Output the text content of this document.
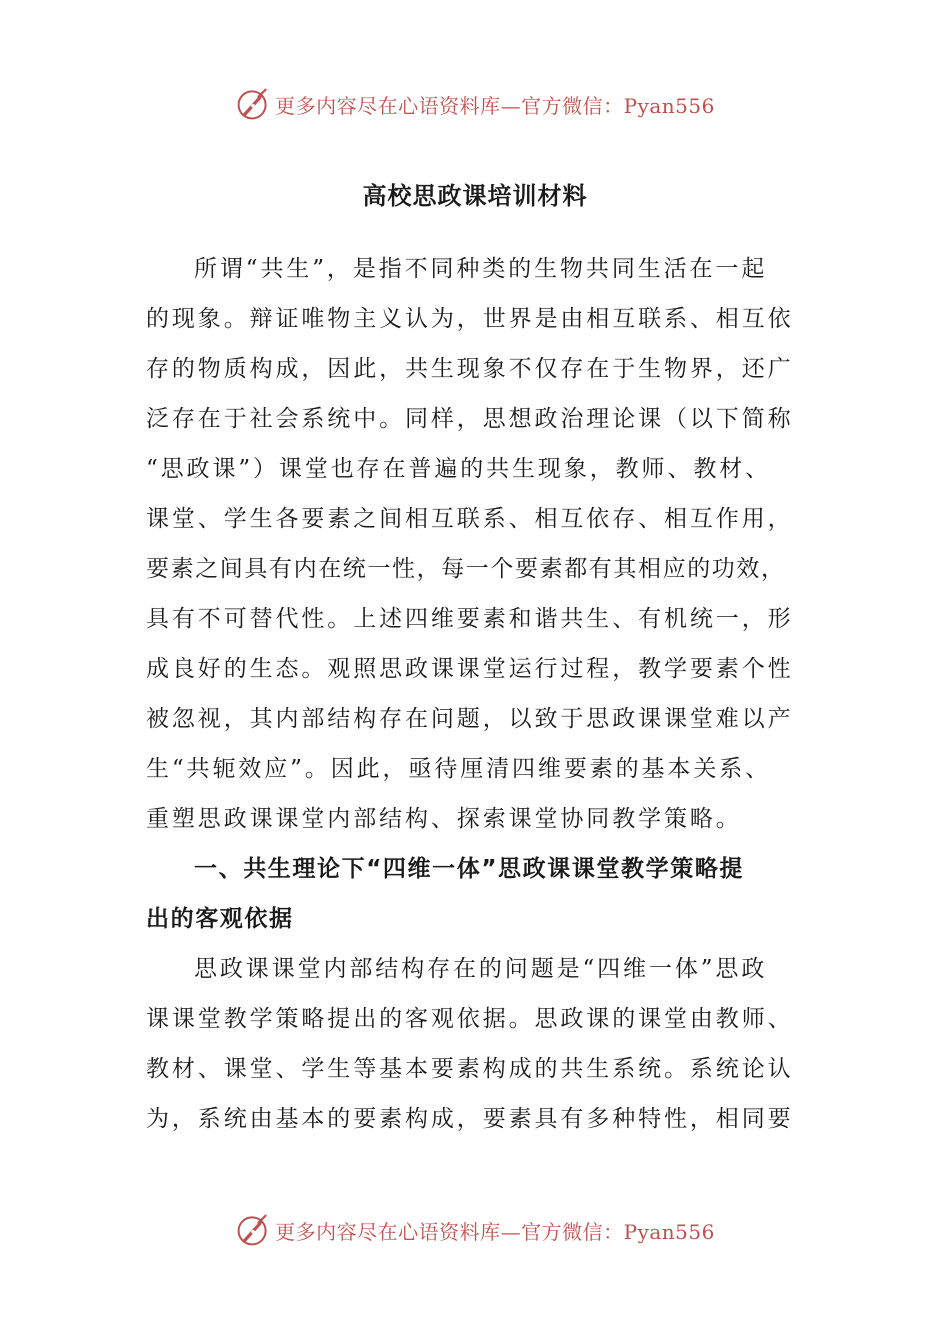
更多内容尽在心语资料库—官方微信：Pyan556
高校思政课培训材料
所谓“共生”，是指不同种类的生物共同生活在一起
的现象。辩证唯物主义认为，世界是由相互联系、相互依
存的物质构成，因此，共生现象不仅存在于生物界，还广
泛存在于社会系统中。同样，思想政治理论课（以下简称
“思政课”）课堂也存在普遍的共生现象，教师、教材、
课堂、学生各要素之间相互联系、相互依存、相互作用，
要素之间具有内在统一性，每一个要素都有其相应的功效，
具有不可替代性。上述四维要素和谐共生、有机统一，形
成良好的生态。观照思政课课堂运行过程，教学要素个性
被忽视，其内部结构存在问题，以致于思政课课堂难以产
生“共轭效应”。因此，亟待厘清四维要素的基本关系、
重塑思政课课堂内部结构、探索课堂协同教学策略。
一、共生理论下“四维一体”思政课课堂教学策略提
出的客观依据
思政课课堂内部结构存在的问题是“四维一体”思政
课课堂教学策略提出的客观依据。思政课的课堂由教师、
教材、课堂、学生等基本要素构成的共生系统。系统论认
为，系统由基本的要素构成，要素具有多种特性，相同要
更多内容尽在心语资料库—官方微信：Pyan556
